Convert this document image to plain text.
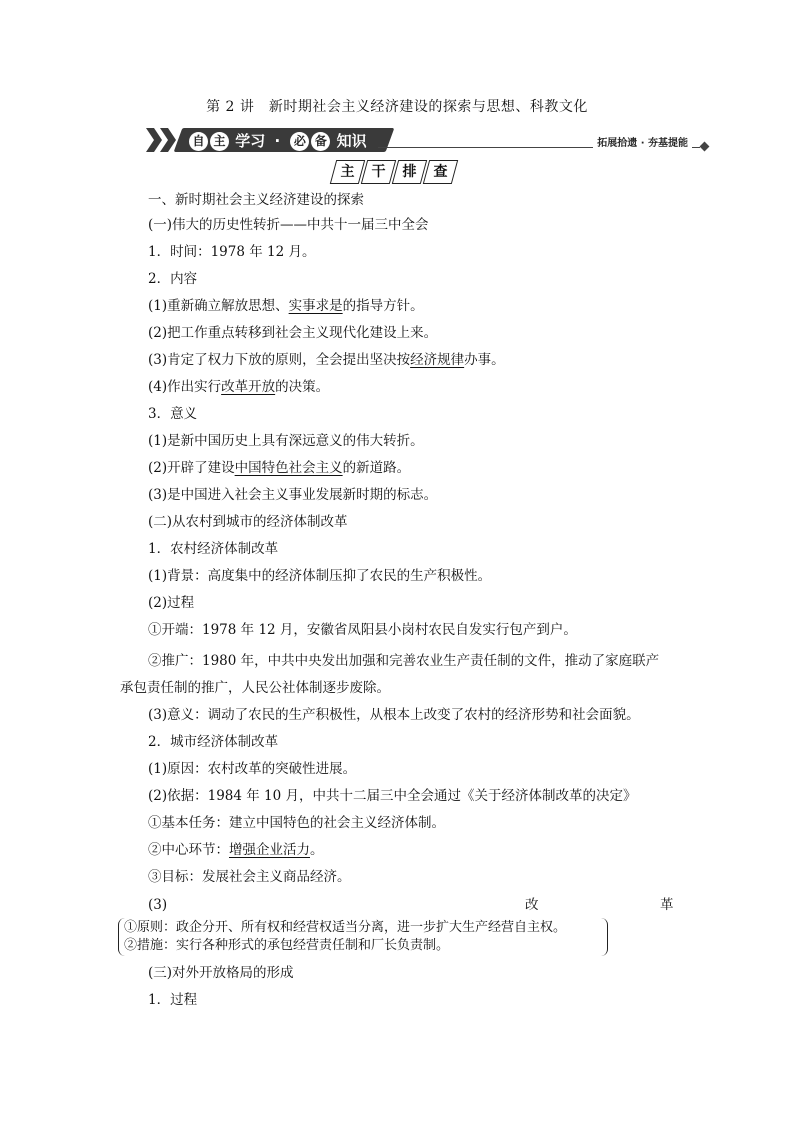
第 2 讲　新时期社会主义经济建设的探索与思想、科教文化
自 主 学习 · 必 备 知识	拓展拾遗 · 夯基提能
主	干	排	查
一、新时期社会主义经济建设的探索
(一)伟大的历史性转折——中共十一届三中全会
1．时间：1978 年 12 月。
2．内容
(1)重新确立解放思想、实事求是的指导方针。
(2)把工作重点转移到社会主义现代化建设上来。
(3)肯定了权力下放的原则，全会提出坚决按经济规律办事。
(4)作出实行改革开放的决策。
3．意义
(1)是新中国历史上具有深远意义的伟大转折。
(2)开辟了建设中国特色社会主义的新道路。
(3)是中国进入社会主义事业发展新时期的标志。
(二)从农村到城市的经济体制改革
1．农村经济体制改革
(1)背景：高度集中的经济体制压抑了农民的生产积极性。
(2)过程
①开端：1978 年 12 月，安徽省凤阳县小岗村农民自发实行包产到户。
②推广：1980 年，中共中央发出加强和完善农业生产责任制的文件，推动了家庭联产
承包责任制的推广，人民公社体制逐步废除。
(3)意义：调动了农民的生产积极性，从根本上改变了农村的经济形势和社会面貌。
2．城市经济体制改革
(1)原因：农村改革的突破性进展。
(2)依据：1984 年 10 月，中共十二届三中全会通过《关于经济体制改革的决定》
①基本任务：建立中国特色的社会主义经济体制。
②中心环节：增强企业活力。
③目标：发展社会主义商品经济。
(3)	改	革
①原则：政企分开、所有权和经营权适当分离，进一步扩大生产经营自主权。
②措施：实行各种形式的承包经营责任制和厂长负责制。
(三)对外开放格局的形成
1．过程
